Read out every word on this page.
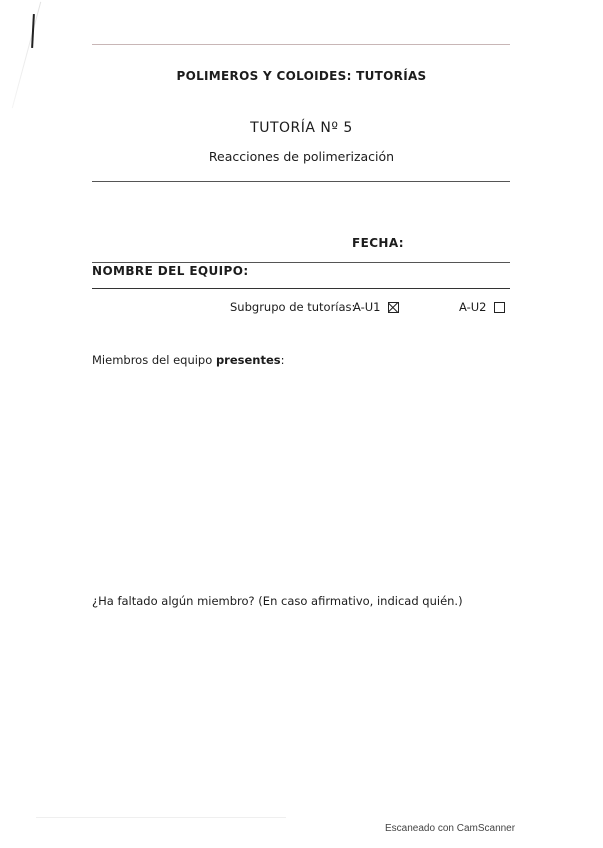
POLIMEROS Y COLOIDES: TUTORÍAS
TUTORÍA Nº 5
Reacciones de polimerización
FECHA:
NOMBRE DEL EQUIPO:
Subgrupo de tutorías:
A-U1	A-U2
Miembros del equipo presentes:
¿Ha faltado algún miembro? (En caso afirmativo, indicad quién.)
Escaneado con CamScanner
